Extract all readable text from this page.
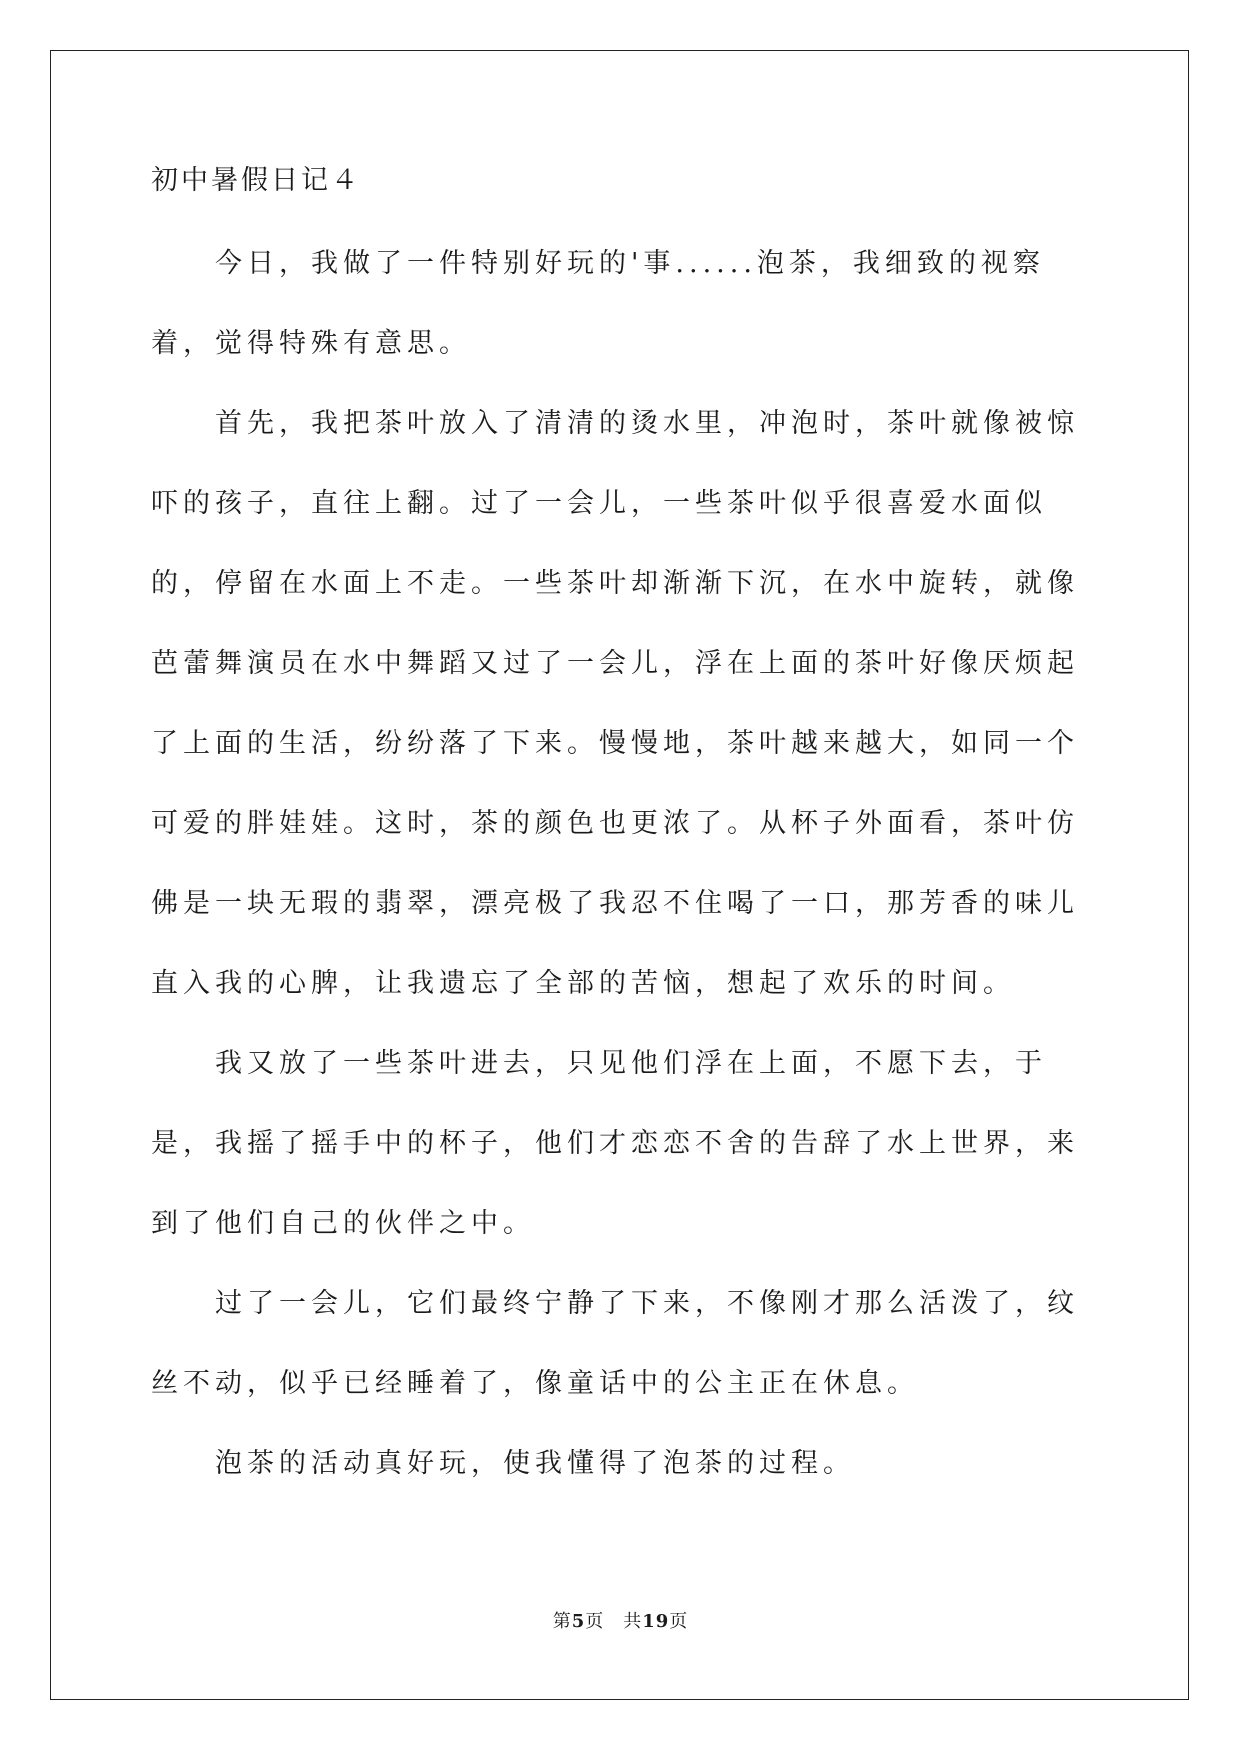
初中暑假日记４

今日，我做了一件特别好玩的'事......泡茶，我细致的视察着，觉得特殊有意思。

首先，我把茶叶放入了清清的烫水里，冲泡时，茶叶就像被惊吓的孩子，直往上翻。过了一会儿，一些茶叶似乎很喜爱水面似的，停留在水面上不走。一些茶叶却渐渐下沉，在水中旋转，就像芭蕾舞演员在水中舞蹈又过了一会儿，浮在上面的茶叶好像厌烦起了上面的生活，纷纷落了下来。慢慢地，茶叶越来越大，如同一个可爱的胖娃娃。这时，茶的颜色也更浓了。从杯子外面看，茶叶仿佛是一块无瑕的翡翠，漂亮极了我忍不住喝了一口，那芳香的味儿直入我的心脾，让我遗忘了全部的苦恼，想起了欢乐的时间。

我又放了一些茶叶进去，只见他们浮在上面，不愿下去，于是，我摇了摇手中的杯子，他们才恋恋不舍的告辞了水上世界，来到了他们自己的伙伴之中。

过了一会儿，它们最终宁静了下来，不像刚才那么活泼了，纹丝不动，似乎已经睡着了，像童话中的公主正在休息。

泡茶的活动真好玩，使我懂得了泡茶的过程。

第5页　共19页
